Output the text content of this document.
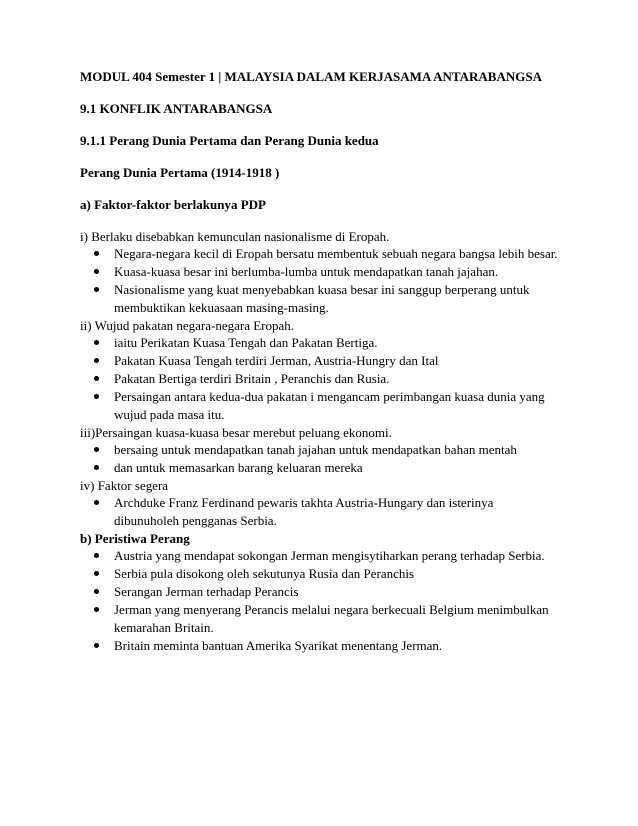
MODUL 404 Semester 1 | MALAYSIA DALAM KERJASAMA ANTARABANGSA

9.1 KONFLIK ANTARABANGSA

9.1.1 Perang Dunia Pertama dan Perang Dunia kedua

Perang Dunia Pertama (1914-1918 )

a) Faktor-faktor berlakunya PDP

i) Berlaku disebabkan kemunculan nasionalisme di Eropah.

Negara-negara kecil di Eropah bersatu membentuk sebuah negara bangsa lebih besar.
Kuasa-kuasa besar ini berlumba-lumba untuk mendapatkan tanah jajahan.
Nasionalisme yang kuat menyebabkan kuasa besar ini sanggup berperang untuk membuktikan kekuasaan masing-masing.

ii) Wujud pakatan negara-negara Eropah.

iaitu Perikatan Kuasa Tengah dan Pakatan Bertiga.
Pakatan Kuasa Tengah terdiri Jerman, Austria-Hungry dan Ital
Pakatan Bertiga terdiri Britain , Peranchis dan Rusia.
Persaingan antara kedua-dua pakatan i mengancam perimbangan kuasa dunia yang wujud pada masa itu.

iii)Persaingan kuasa-kuasa besar merebut peluang ekonomi.

bersaing untuk mendapatkan tanah jajahan untuk mendapatkan bahan mentah
dan untuk memasarkan barang keluaran mereka

iv) Faktor segera

Archduke Franz Ferdinand pewaris takhta Austria-Hungary dan isterinya dibunuholeh pengganas Serbia.

b) Peristiwa Perang

Austria yang mendapat sokongan Jerman mengisytiharkan perang terhadap Serbia.
Serbia pula disokong oleh sekutunya Rusia dan Peranchis
Serangan Jerman terhadap Perancis
Jerman yang menyerang Perancis melalui negara berkecuali Belgium menimbulkan kemarahan Britain.
Britain meminta bantuan Amerika Syarikat menentang Jerman.
